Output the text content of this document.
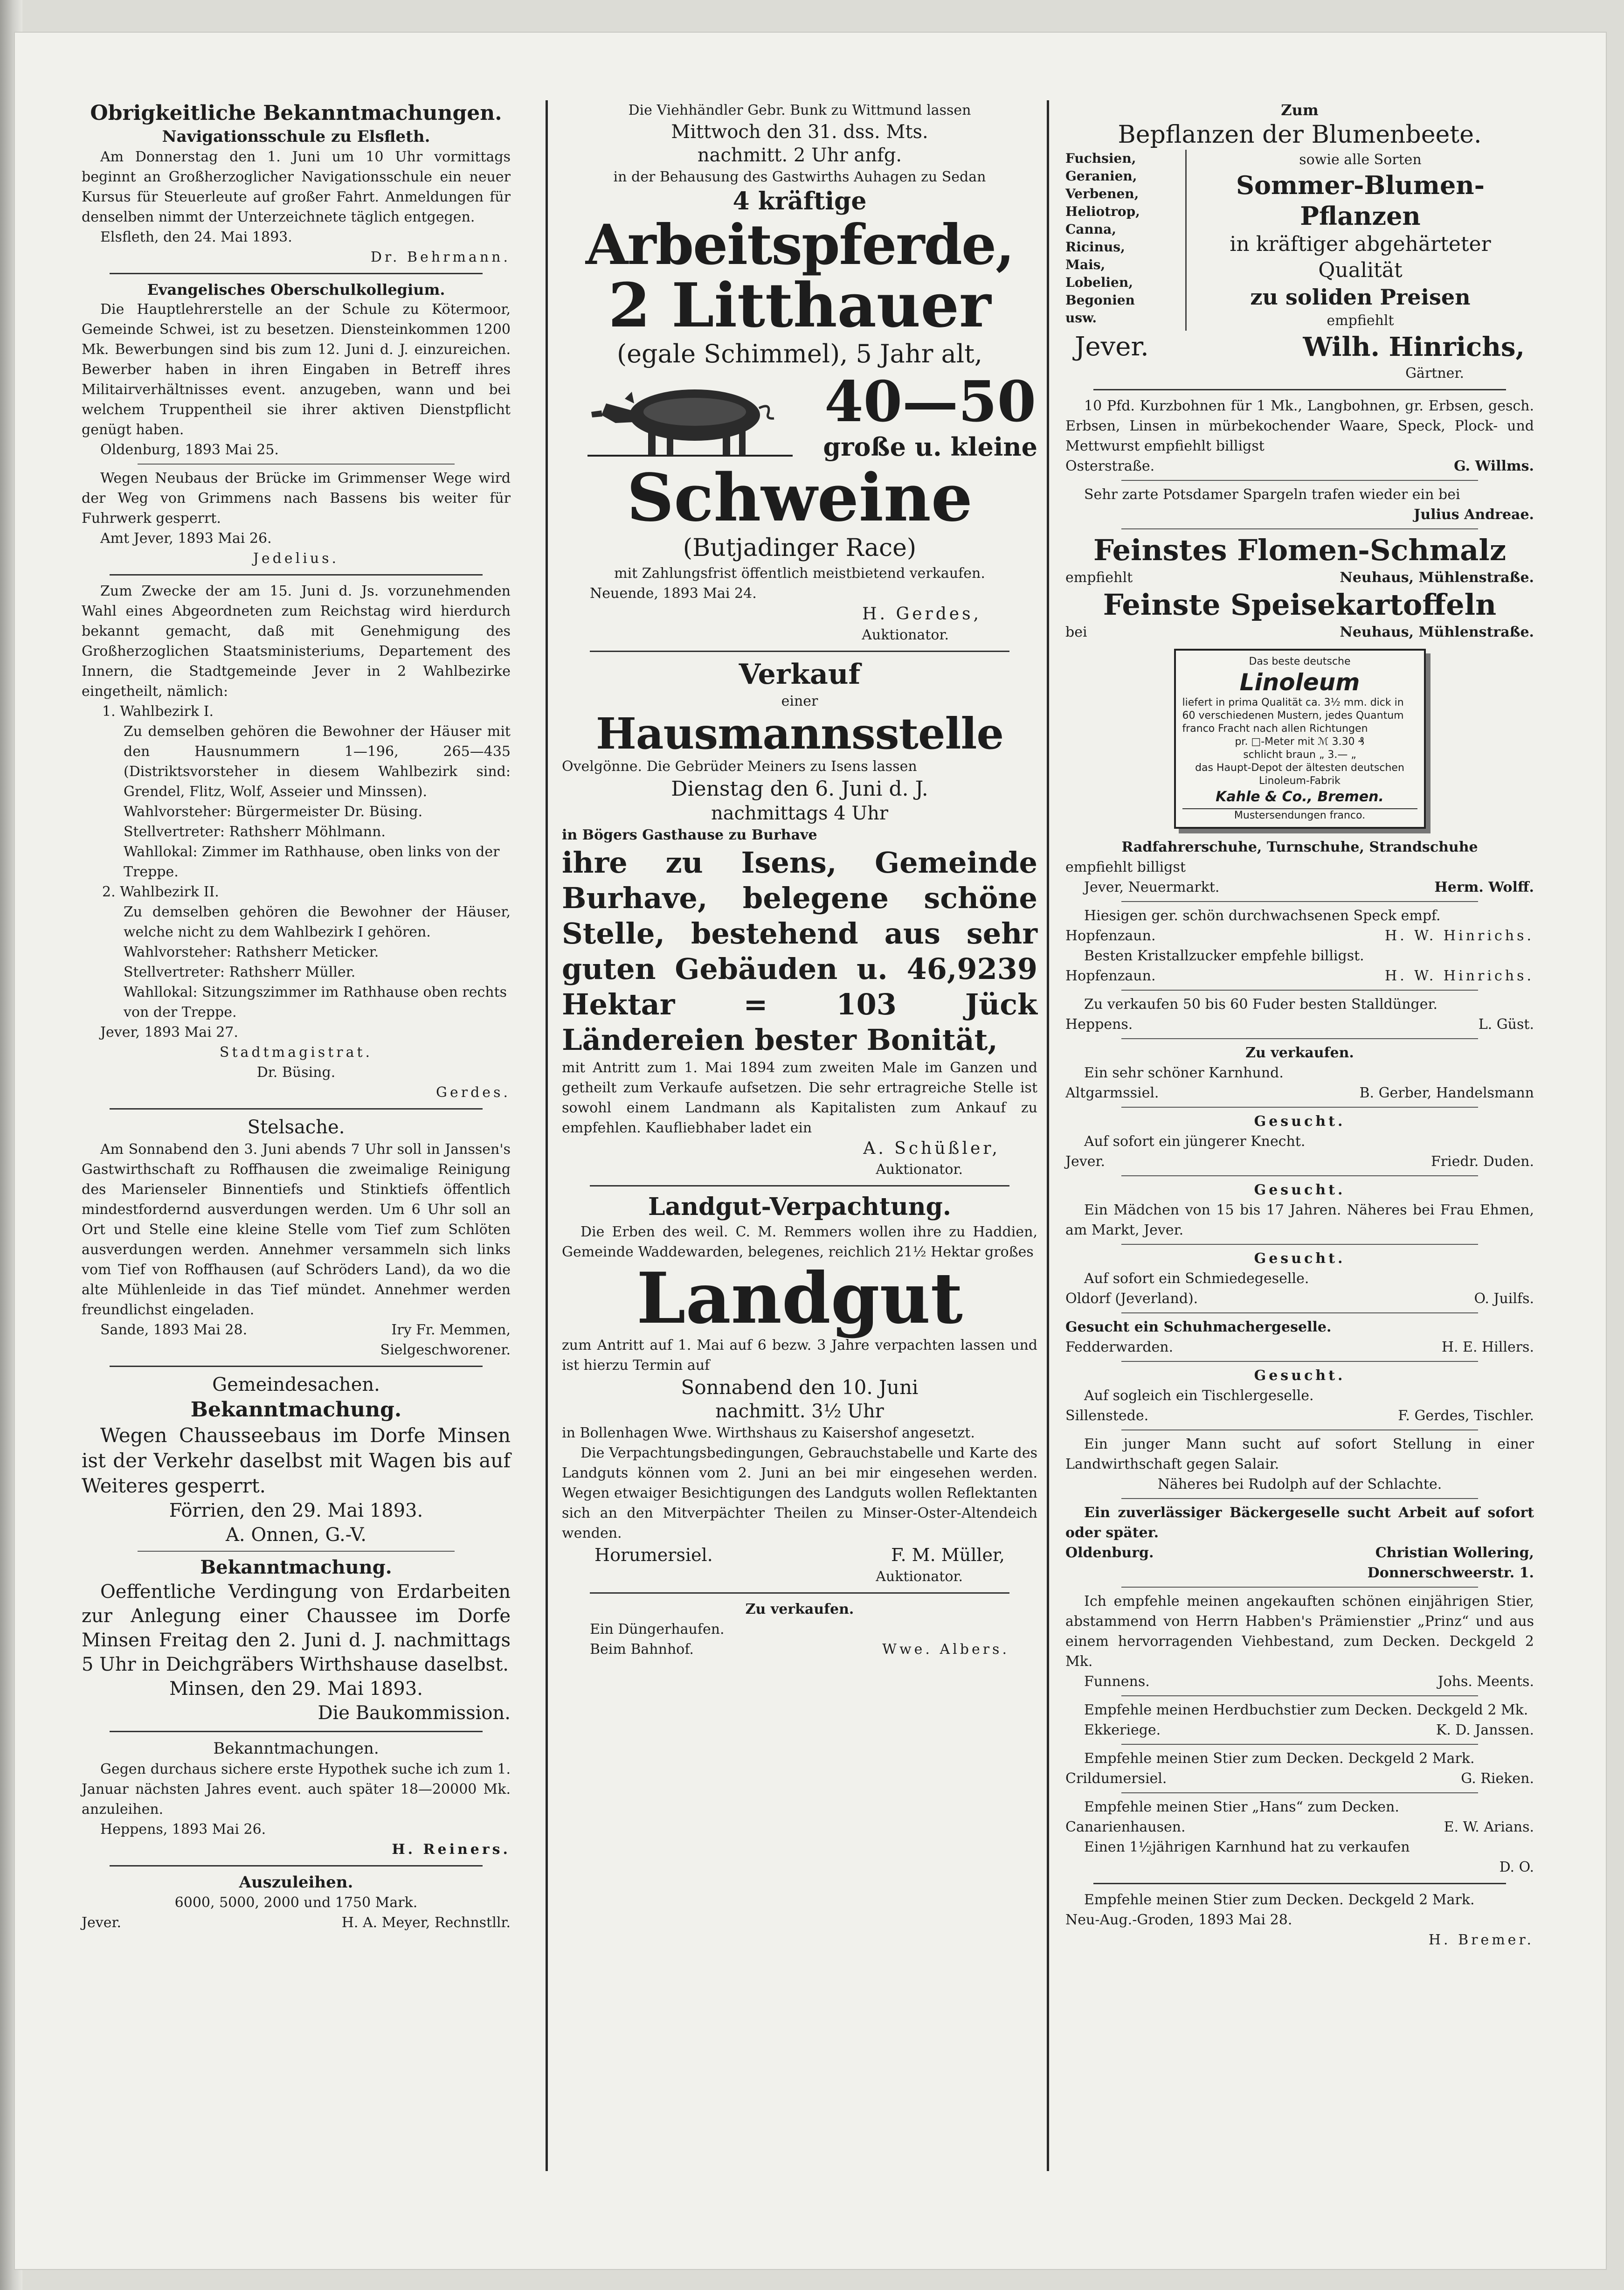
Obrigkeitliche Bekanntmachungen.
Navigationsschule zu Elsfleth.
Am Donnerstag den 1. Juni um 10 Uhr vormittags beginnt an Großherzoglicher Navigationsschule ein neuer Kursus für Steuerleute auf großer Fahrt. Anmeldungen für denselben nimmt der Unterzeichnete täglich entgegen.
Elsfleth, den 24. Mai 1893.
Dr. Behrmann.
Evangelisches Oberschulkollegium.
Die Hauptlehrerstelle an der Schule zu Kötermoor, Gemeinde Schwei, ist zu besetzen. Diensteinkommen 1200 Mk. Bewerbungen sind bis zum 12. Juni d. J. einzureichen. Bewerber haben in ihren Eingaben in Betreff ihres Militairverhältnisses event. anzugeben, wann und bei welchem Truppentheil sie ihrer aktiven Dienstpflicht genügt haben.
Oldenburg, 1893 Mai 25.
Wegen Neubaus der Brücke im Grimmenser Wege wird der Weg von Grimmens nach Bassens bis weiter für Fuhrwerk gesperrt.
Amt Jever, 1893 Mai 26.
Jedelius.
Zum Zwecke der am 15. Juni d. Js. vorzunehmenden Wahl eines Abgeordneten zum Reichstag wird hierdurch bekannt gemacht, daß mit Genehmigung des Großherzoglichen Staatsministeriums, Departement des Innern, die Stadtgemeinde Jever in 2 Wahlbezirke eingetheilt, nämlich:
1. Wahlbezirk I.
Zu demselben gehören die Bewohner der Häuser mit den Hausnummern 1—196, 265—435 (Distriktsvorsteher in diesem Wahlbezirk sind: Grendel, Flitz, Wolf, Asseier und Minssen).
Wahlvorsteher: Bürgermeister Dr. Büsing.
Stellvertreter: Rathsherr Möhlmann.
Wahllokal: Zimmer im Rathhause, oben links von der Treppe.
2. Wahlbezirk II.
Zu demselben gehören die Bewohner der Häuser, welche nicht zu dem Wahlbezirk I gehören.
Wahlvorsteher: Rathsherr Meticker.
Stellvertreter: Rathsherr Müller.
Wahllokal: Sitzungszimmer im Rathhause oben rechts von der Treppe.
Jever, 1893 Mai 27.
Stadtmagistrat.
Dr. Büsing.
Gerdes.
Stelsache.
Am Sonnabend den 3. Juni abends 7 Uhr soll in Janssen's Gastwirthschaft zu Roffhausen die zweimalige Reinigung des Marienseler Binnentiefs und Stinktiefs öffentlich mindestfordernd ausverdungen werden. Um 6 Uhr soll an Ort und Stelle eine kleine Stelle vom Tief zum Schlöten ausverdungen werden. Annehmer versammeln sich links vom Tief von Roffhausen (auf Schröders Land), da wo die alte Mühlenleide in das Tief mündet. Annehmer werden freundlichst eingeladen.
Sande, 1893 Mai 28.	Iry Fr. Memmen,
Sielgeschworener.
Gemeindesachen.
Bekanntmachung.
Wegen Chausseebaus im Dorfe Minsen ist der Verkehr daselbst mit Wagen bis auf Weiteres gesperrt.
Förrien, den 29. Mai 1893.
A. Onnen, G.-V.
Bekanntmachung.
Oeffentliche Verdingung von Erdarbeiten zur Anlegung einer Chaussee im Dorfe Minsen Freitag den 2. Juni d. J. nachmittags 5 Uhr in Deichgräbers Wirthshause daselbst.
Minsen, den 29. Mai 1893.
Die Baukommission.
Bekanntmachungen.
Gegen durchaus sichere erste Hypothek suche ich zum 1. Januar nächsten Jahres event. auch später 18—20000 Mk. anzuleihen.
Heppens, 1893 Mai 26.
H. Reiners.
Auszuleihen.
6000, 5000, 2000 und 1750 Mark.
Jever.	H. A. Meyer, Rechnstllr.
Die Viehhändler Gebr. Bunk zu Wittmund lassen
Mittwoch den 31. dss. Mts.
nachmitt. 2 Uhr anfg.
in der Behausung des Gastwirths Auhagen zu Sedan
4 kräftige
Arbeitspferde,
2 Litthauer
(egale Schimmel), 5 Jahr alt,
40—50
große u. kleine
Schweine
(Butjadinger Race)
mit Zahlungsfrist öffentlich meistbietend verkaufen.
Neuende, 1893 Mai 24.
H. Gerdes,
Auktionator.
Verkauf
einer
Hausmannsstelle
Ovelgönne. Die Gebrüder Meiners zu Isens lassen
Dienstag den 6. Juni d. J.
nachmittags 4 Uhr
in Bögers Gasthause zu Burhave
ihre zu Isens, Gemeinde Burhave, belegene schöne Stelle, bestehend aus sehr guten Gebäuden u. 46,9239 Hektar = 103 Jück Ländereien bester Bonität,
mit Antritt zum 1. Mai 1894 zum zweiten Male im Ganzen und getheilt zum Verkaufe aufsetzen. Die sehr ertragreiche Stelle ist sowohl einem Landmann als Kapitalisten zum Ankauf zu empfehlen. Kaufliebhaber ladet ein
A. Schüßler,
Auktionator.
Landgut-Verpachtung.
Die Erben des weil. C. M. Remmers wollen ihre zu Haddien, Gemeinde Waddewarden, belegenes, reichlich 21½ Hektar großes
Landgut
zum Antritt auf 1. Mai auf 6 bezw. 3 Jahre verpachten lassen und ist hierzu Termin auf
Sonnabend den 10. Juni
nachmitt. 3½ Uhr
in Bollenhagen Wwe. Wirthshaus zu Kaisershof angesetzt.
Die Verpachtungsbedingungen, Gebrauchstabelle und Karte des Landguts können vom 2. Juni an bei mir eingesehen werden. Wegen etwaiger Besichtigungen des Landguts wollen Reflektanten sich an den Mitverpächter Theilen zu Minser-Oster-Altendeich wenden.
Horumersiel.	F. M. Müller,
Auktionator.
Zu verkaufen.
Ein Düngerhaufen.
Beim Bahnhof.	Wwe. Albers.
Zum
Bepflanzen der Blumenbeete.
Fuchsien,
Geranien,
Verbenen,
Heliotrop,
Canna,
Ricinus,
Mais,
Lobelien,
Begonien
usw.
sowie alle Sorten
Sommer-Blumen-Pflanzen
in kräftiger abgehärteter Qualität
zu soliden Preisen
empfiehlt
Jever.	Wilh. Hinrichs,
Gärtner.
10 Pfd. Kurzbohnen für 1 Mk., Langbohnen, gr. Erbsen, gesch. Erbsen, Linsen in mürbekochender Waare, Speck, Plock- und Mettwurst empfiehlt billigst
Osterstraße.	G. Willms.
Sehr zarte Potsdamer Spargeln trafen wieder ein bei
Julius Andreae.
Feinstes Flomen-Schmalz
empfiehlt	Neuhaus, Mühlenstraße.
Feinste Speisekartoffeln
bei	Neuhaus, Mühlenstraße.
Das beste deutsche
Linoleum
liefert in prima Qualität ca. 3½ mm. dick in 60 verschiedenen Mustern, jedes Quantum franco Fracht nach allen Richtungen
pr. □-Meter mit ℳ 3.30 ₰
schlicht braun „ 3.— „
das Haupt-Depot der ältesten deutschen Linoleum-Fabrik
Kahle & Co., Bremen.
Mustersendungen franco.
Radfahrerschuhe, Turnschuhe, Strandschuhe
empfiehlt billigst
Jever, Neuermarkt.	Herm. Wolff.
Hiesigen ger. schön durchwachsenen Speck empf.
Hopfenzaun.	H. W. Hinrichs.
Besten Kristallzucker empfehle billigst.
Hopfenzaun.	H. W. Hinrichs.
Zu verkaufen 50 bis 60 Fuder besten Stalldünger.
Heppens.	L. Güst.
Zu verkaufen.
Ein sehr schöner Karnhund.
Altgarmssiel.	B. Gerber, Handelsmann
Gesucht.
Auf sofort ein jüngerer Knecht.
Jever.	Friedr. Duden.
Gesucht.
Ein Mädchen von 15 bis 17 Jahren. Näheres bei Frau Ehmen, am Markt, Jever.
Gesucht.
Auf sofort ein Schmiedegeselle.
Oldorf (Jeverland).	O. Juilfs.
Gesucht ein Schuhmachergeselle.
Fedderwarden.	H. E. Hillers.
Gesucht.
Auf sogleich ein Tischlergeselle.
Sillenstede.	F. Gerdes, Tischler.
Ein junger Mann sucht auf sofort Stellung in einer Landwirthschaft gegen Salair.
Näheres bei Rudolph auf der Schlachte.
Ein zuverlässiger Bäckergeselle sucht Arbeit auf sofort oder später.
Oldenburg.	Christian Wollering,
Donnerschweerstr. 1.
Ich empfehle meinen angekauften schönen einjährigen Stier, abstammend von Herrn Habben's Prämienstier „Prinz“ und aus einem hervorragenden Viehbestand, zum Decken. Deckgeld 2 Mk.
Funnens.	Johs. Meents.
Empfehle meinen Herdbuchstier zum Decken. Deckgeld 2 Mk.
Ekkeriege.	K. D. Janssen.
Empfehle meinen Stier zum Decken. Deckgeld 2 Mark.
Crildumersiel.	G. Rieken.
Empfehle meinen Stier „Hans“ zum Decken.
Canarienhausen.	E. W. Arians.
Einen 1½jährigen Karnhund hat zu verkaufen
D. O.
Empfehle meinen Stier zum Decken. Deckgeld 2 Mark.
Neu-Aug.-Groden, 1893 Mai 28.
H. Bremer.
